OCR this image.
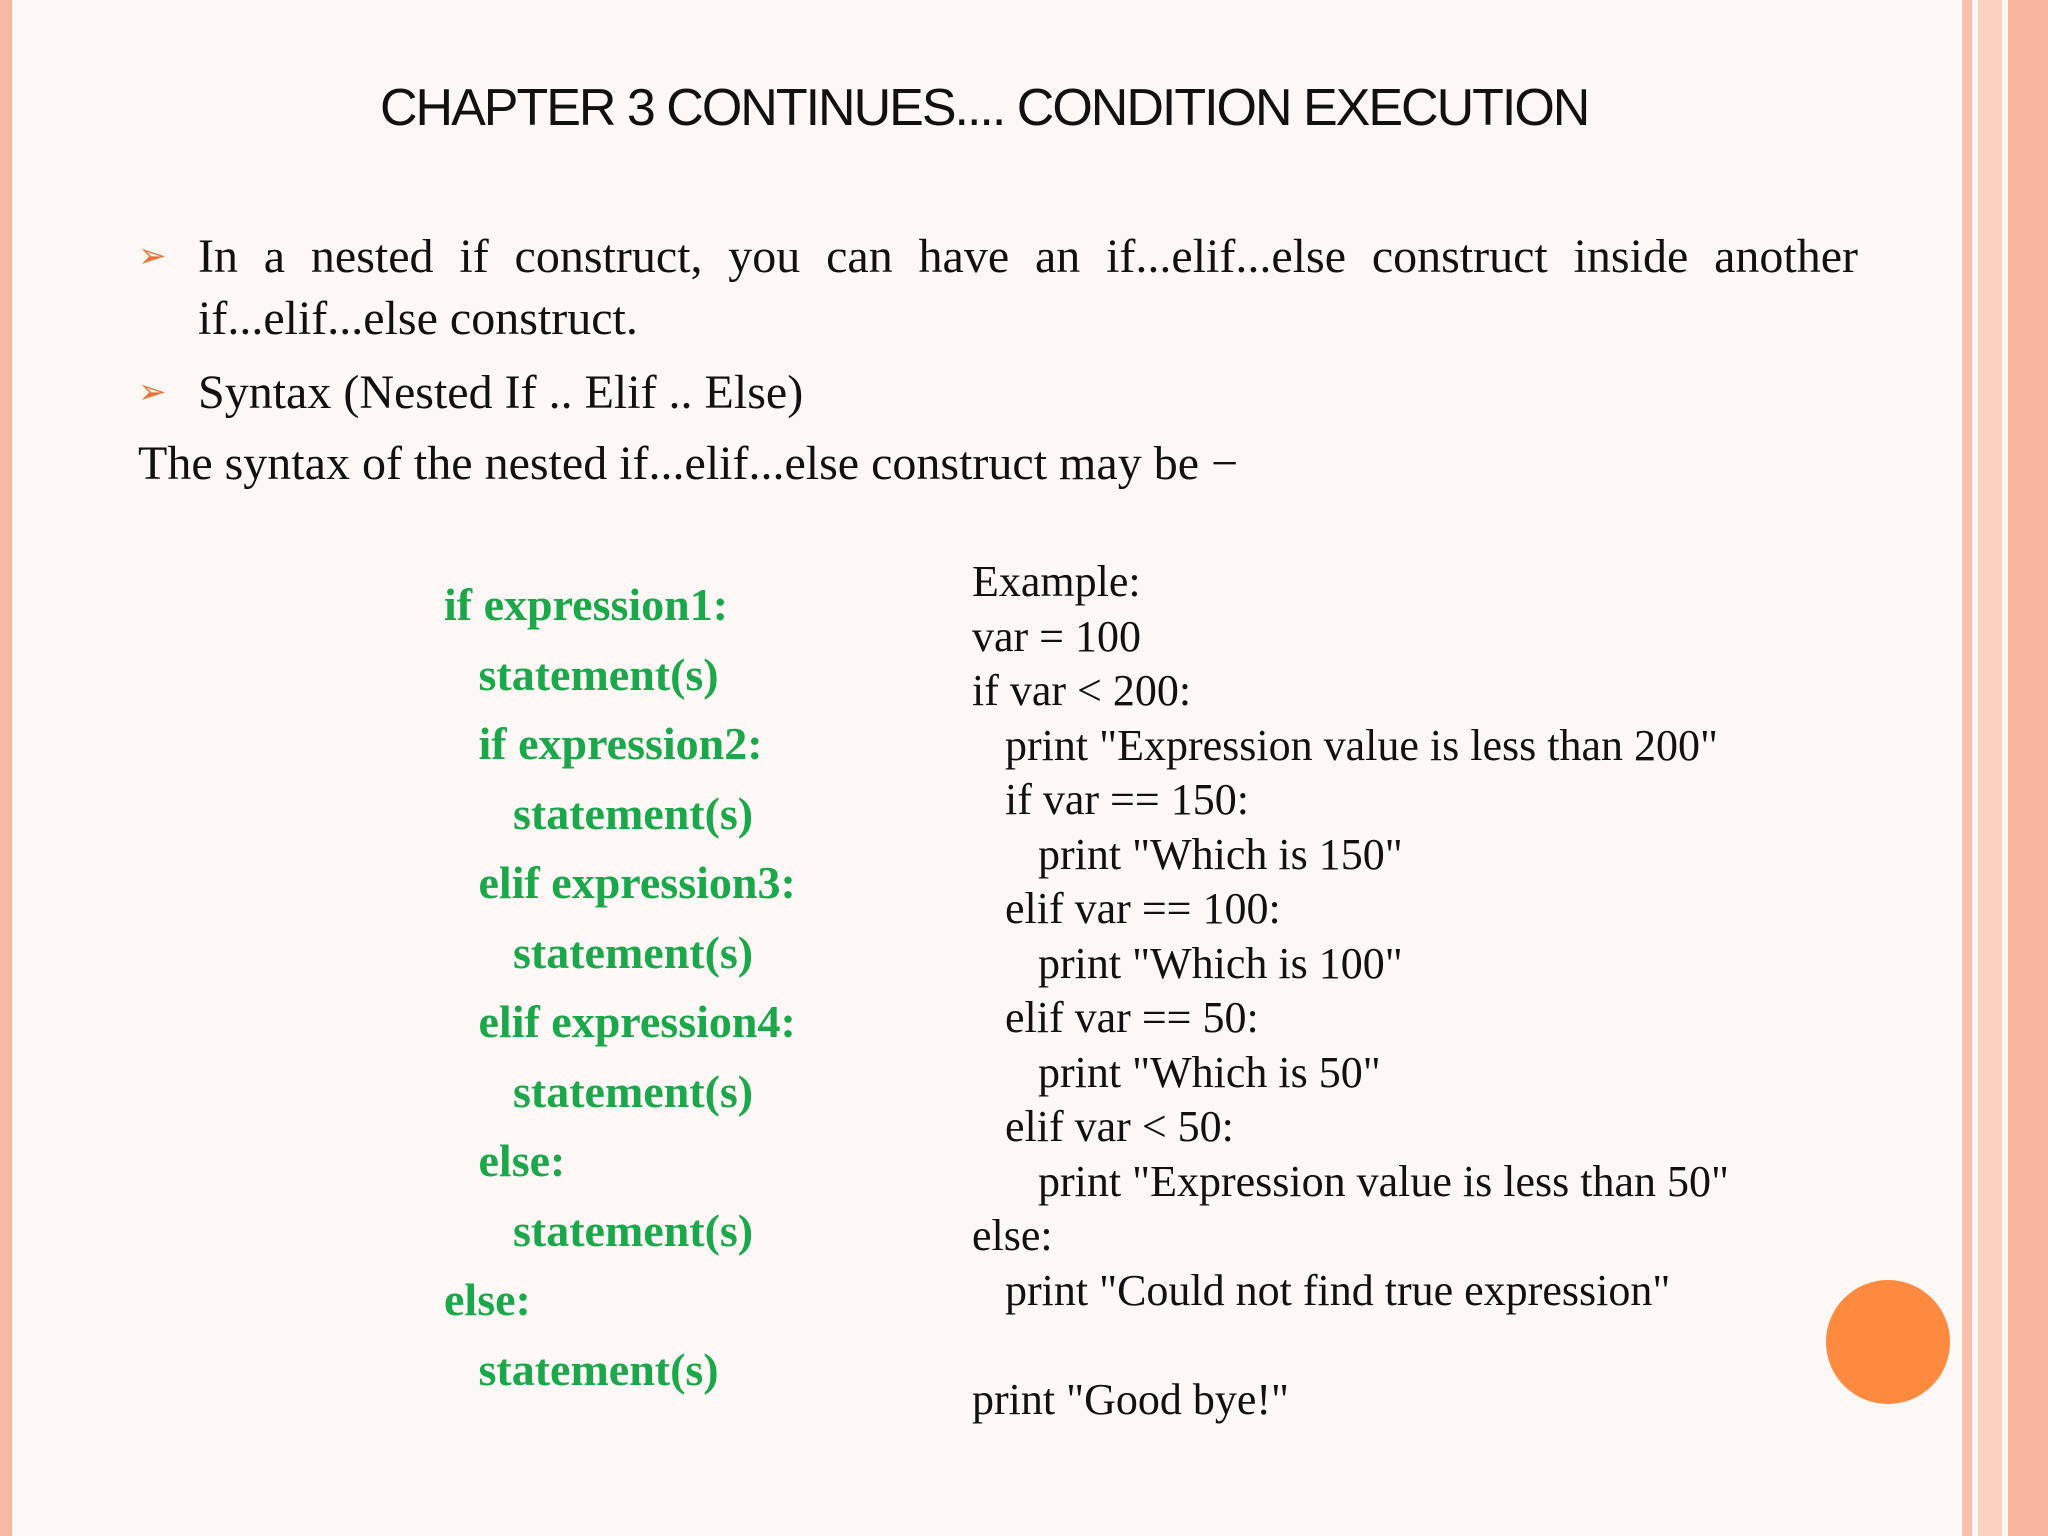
CHAPTER 3 CONTINUES.... CONDITION EXECUTION
➢ In a nested if construct, you can have an if...elif...else construct inside another if...elif...else construct.
➢ Syntax (Nested If .. Elif .. Else)
The syntax of the nested if...elif...else construct may be −
if expression1:
statement(s)
if expression2:
statement(s)
elif expression3:
statement(s)
elif expression4:
statement(s)
else:
statement(s)
else:
statement(s)
Example:
var = 100
if var < 200:
print "Expression value is less than 200"
if var == 150:
print "Which is 150"
elif var == 100:
print "Which is 100"
elif var == 50:
print "Which is 50"
elif var < 50:
print "Expression value is less than 50"
else:
print "Could not find true expression"
print "Good bye!"
